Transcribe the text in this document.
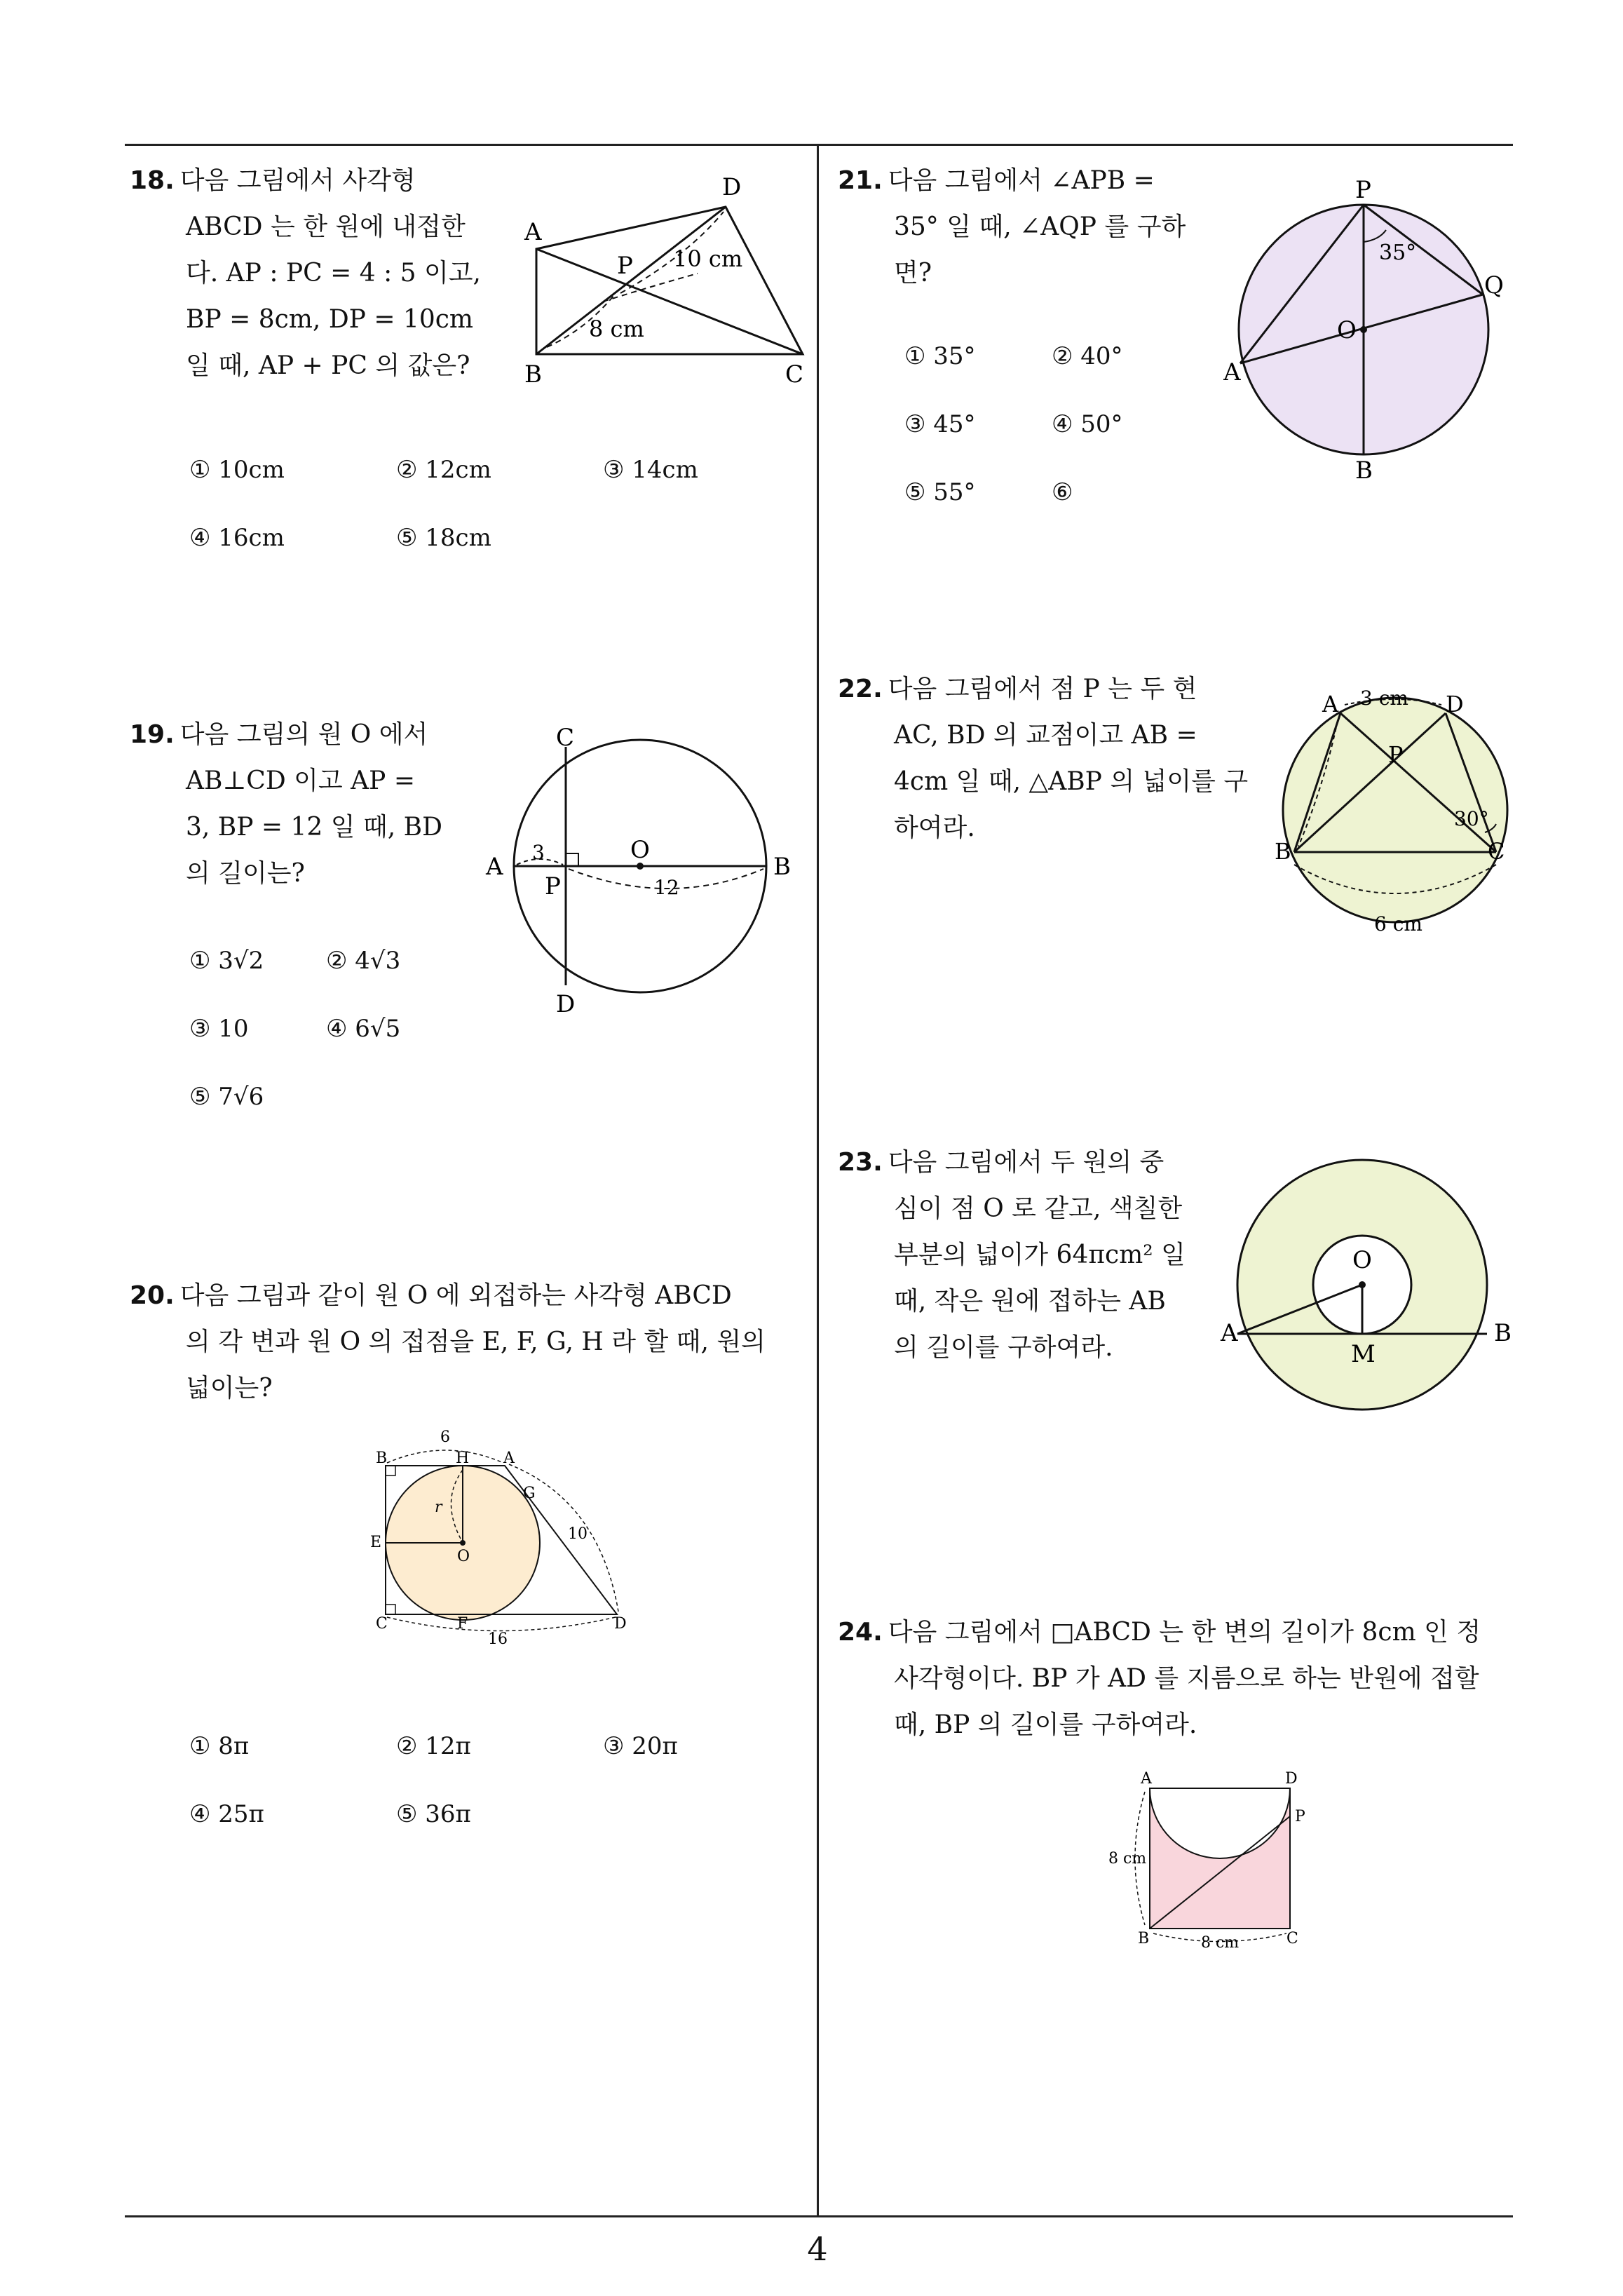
4
18. 다음 그림에서 사각형
ABCD 는 한 원에 내접한
다. AP : PC = 4 : 5 이고,
BP = 8cm, DP = 10cm
일 때, AP + PC 의 값은?
A
D
B	C
P 10 cm
8 cm
① 10cm	② 12cm	③ 14cm
④ 16cm	⑤ 18cm
19. 다음 그림의 원 O 에서
AB⊥CD 이고 AP =
3, BP = 12 일 때, BD
의 길이는?	A	B
C
D
O
P
3
12
① 3√2	② 4√3
③ 10	④ 6√5
⑤ 7√6
20. 다음 그림과 같이 원 O 에 외접하는 사각형 ABCD
의 각 변과 원 O 의 접점을 E, F, G, H 라 할 때, 원의
넓이는?
B	H A
G
E
O
r
C	F	D
6
10
16
① 8π	② 12π	③ 20π
④ 25π	⑤ 36π
21. 다음 그림에서 ∠APB =
35° 일 때, ∠AQP 를 구하
면?
P
Q
A
B
O
35°
① 35°	② 40°
③ 45°	④ 50°
⑤ 55°	⑥
22. 다음 그림에서 점 P 는 두 현
AC, BD 의 교점이고 AB =
4cm 일 때, △ABP 의 넓이를 구
하여라.
A	D
B	C
P
3 cm
6 cm
30°
23. 다음 그림에서 두 원의 중
심이 점 O 로 같고, 색칠한
부분의 넓이가 64πcm² 일
때, 작은 원에 접하는 AB
의 길이를 구하여라.
O
A	B
M
24. 다음 그림에서 □ABCD 는 한 변의 길이가 8cm 인 정
사각형이다. BP 가 AD 를 지름으로 하는 반원에 접할
때, BP 의 길이를 구하여라.
A	D
P
B	C
8 cm
8 cm
